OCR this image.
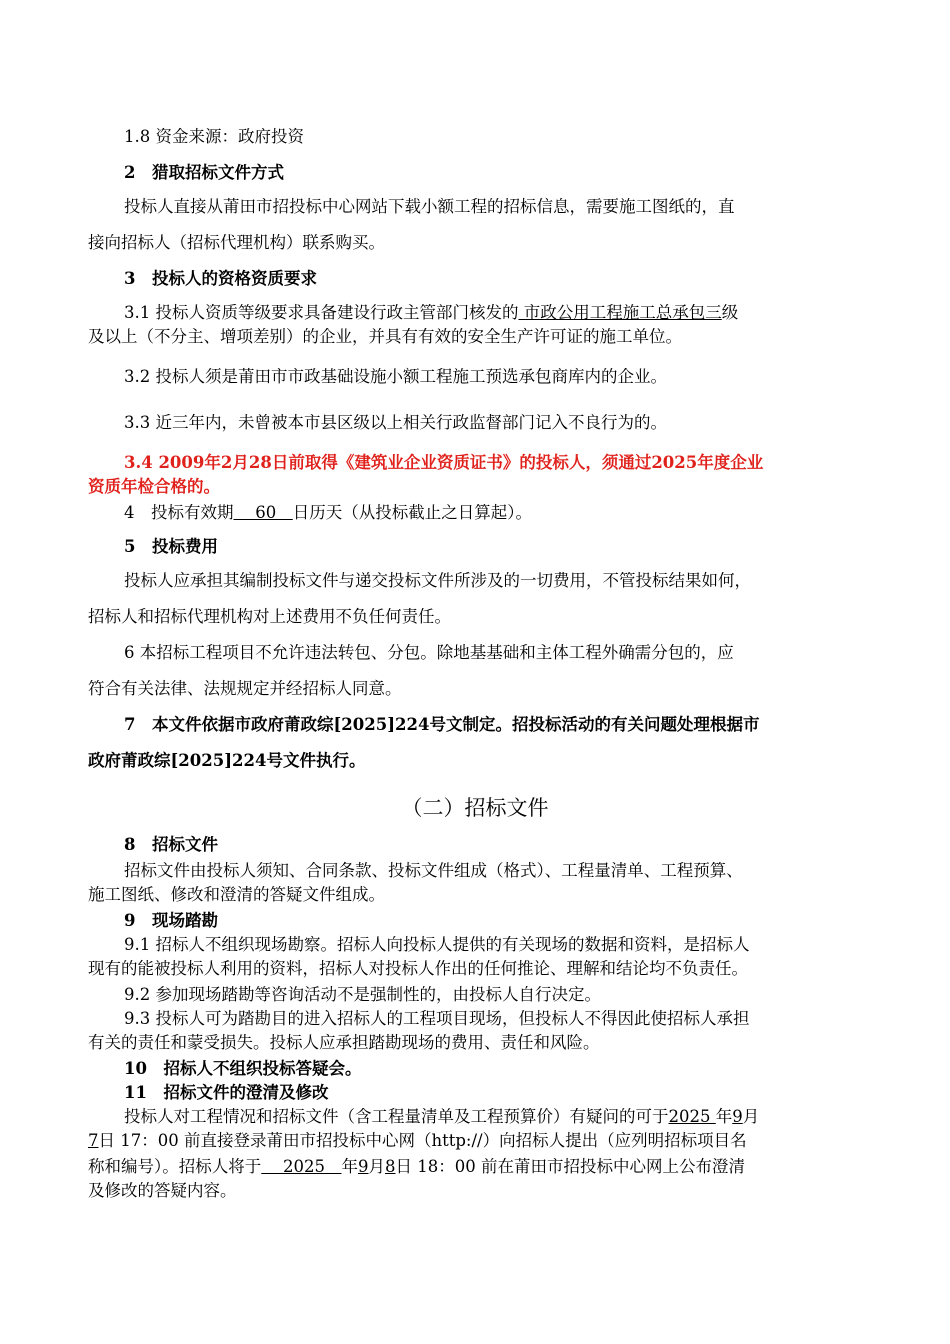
1.8 资金来源：政府投资

2　猎取招标文件方式

投标人直接从莆田市招投标中心网站下载小额工程的招标信息，需要施工图纸的，直

接向招标人（招标代理机构）联系购买。

3　投标人的资格资质要求

3.1 投标人资质等级要求具备建设行政主管部门核发的 市政公用工程施工总承包三级

及以上（不分主、增项差别）的企业，并具有有效的安全生产许可证的施工单位。

3.2 投标人须是莆田市市政基础设施小额工程施工预选承包商库内的企业。

3.3 近三年内，未曾被本市县区级以上相关行政监督部门记入不良行为的。

3.4 2009年2月28日前取得《建筑业企业资质证书》的投标人，须通过2025年度企业

资质年检合格的。

4　投标有效期　 60　日历天（从投标截止之日算起）。

5　投标费用

投标人应承担其编制投标文件与递交投标文件所涉及的一切费用，不管投标结果如何，

招标人和招标代理机构对上述费用不负任何责任。

6 本招标工程项目不允许违法转包、分包。除地基基础和主体工程外确需分包的，应

符合有关法律、法规规定并经招标人同意。

7　本文件依据市政府莆政综[2025]224号文制定。招投标活动的有关问题处理根据市

政府莆政综[2025]224号文件执行。

（二）招标文件

8　招标文件

招标文件由投标人须知、合同条款、投标文件组成（格式）、工程量清单、工程预算、

施工图纸、修改和澄清的答疑文件组成。

9　现场踏勘

9.1 招标人不组织现场勘察。招标人向投标人提供的有关现场的数据和资料，是招标人

现有的能被投标人利用的资料，招标人对投标人作出的任何推论、理解和结论均不负责任。

9.2 参加现场踏勘等咨询活动不是强制性的，由投标人自行决定。

9.3 投标人可为踏勘目的进入招标人的工程项目现场，但投标人不得因此使招标人承担

有关的责任和蒙受损失。投标人应承担踏勘现场的费用、责任和风险。

10　招标人不组织投标答疑会。

11　招标文件的澄清及修改

投标人对工程情况和招标文件（含工程量清单及工程预算价）有疑问的可于2025 年9月

7日 17：00 前直接登录莆田市招投标中心网（http://）向招标人提出（应列明招标项目名

称和编号）。招标人将于　 2025　年9月8日 18：00 前在莆田市招投标中心网上公布澄清

及修改的答疑内容。
